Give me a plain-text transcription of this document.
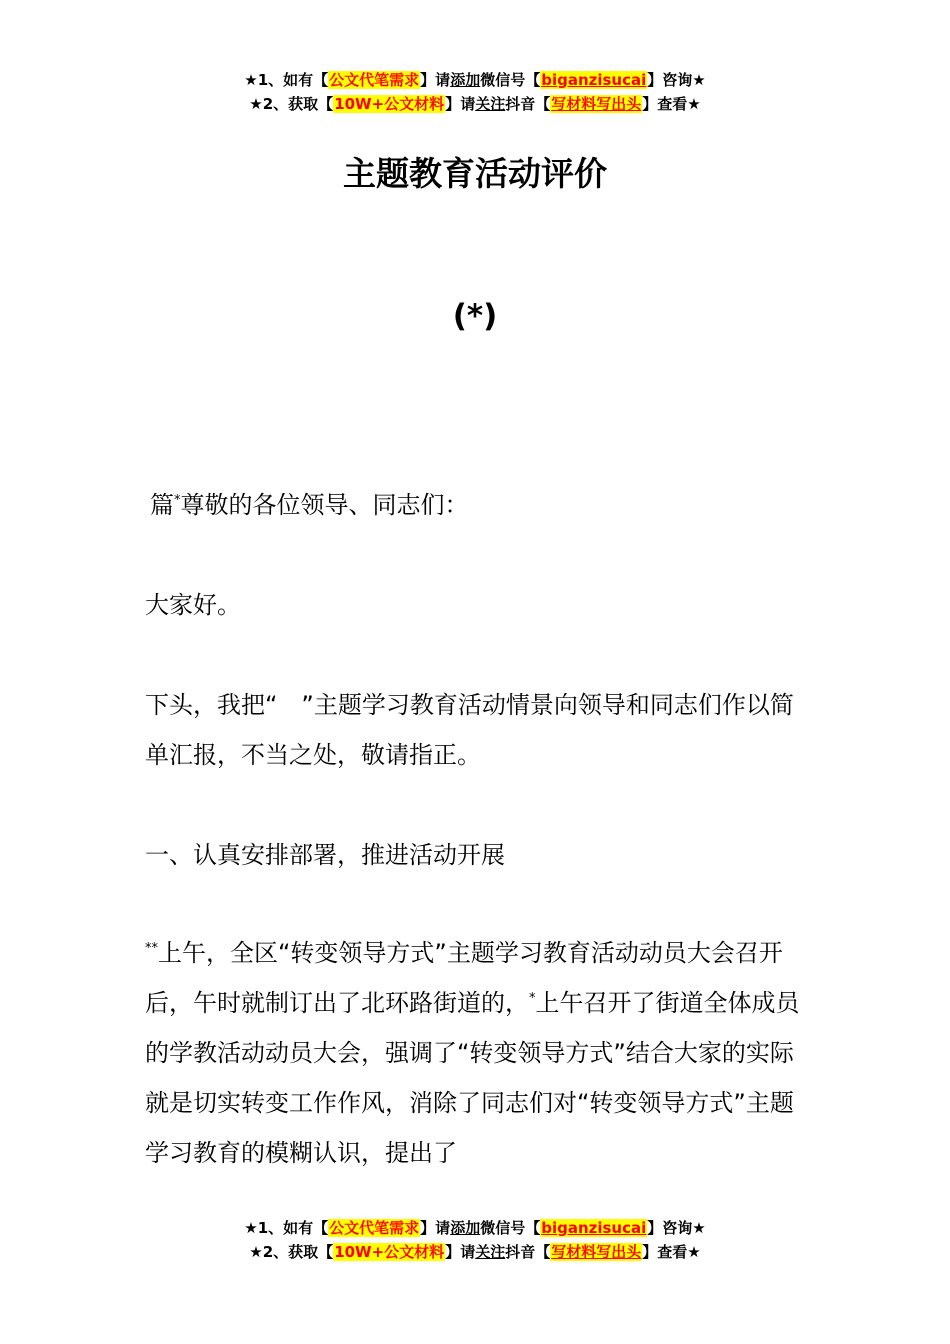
★1、如有【公文代笔需求】请添加微信号【biganzisucai】咨询★
★2、获取【10W+公文材料】请关注抖音【写材料写出头】查看★
主题教育活动评价
(*)
篇*尊敬的各位领导、同志们：
大家好。
下头，我把“　”主题学习教育活动情景向领导和同志们作以简单汇报，不当之处，敬请指正。
一、认真安排部署，推进活动开展
**上午，全区“转变领导方式”主题学习教育活动动员大会召开后，午时就制订出了北环路街道的，*上午召开了街道全体成员的学教活动动员大会，强调了“转变领导方式”结合大家的实际就是切实转变工作作风，消除了同志们对“转变领导方式”主题学习教育的模糊认识，提出了
★1、如有【公文代笔需求】请添加微信号【biganzisucai】咨询★
★2、获取【10W+公文材料】请关注抖音【写材料写出头】查看★
